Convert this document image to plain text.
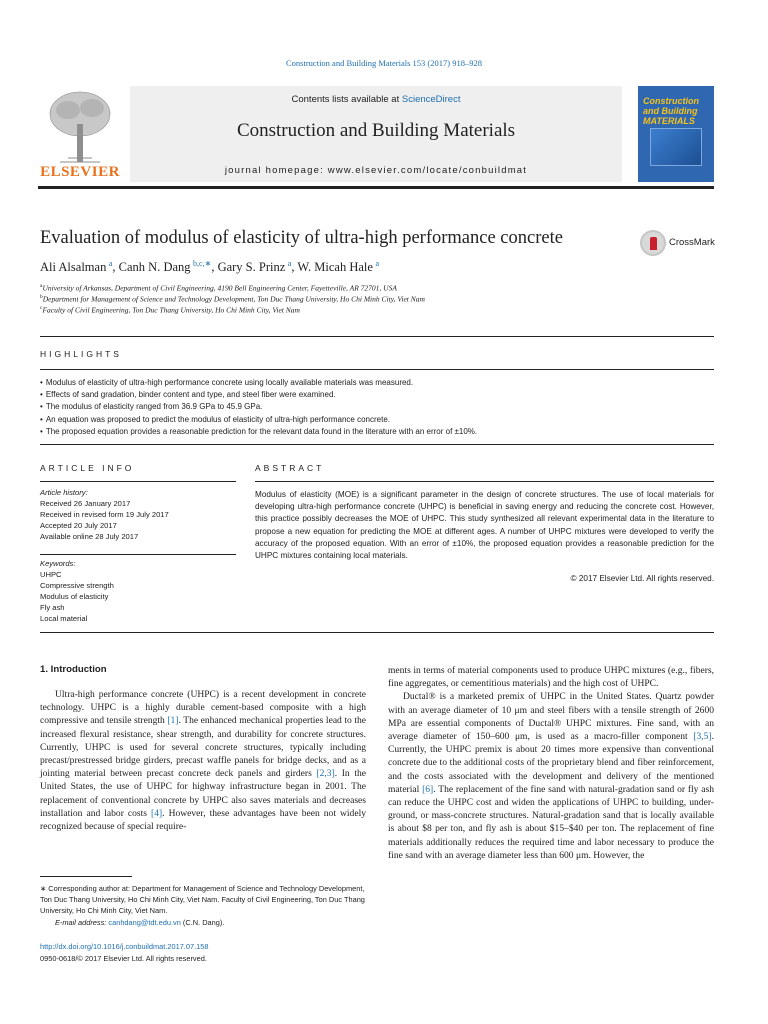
Construction and Building Materials 153 (2017) 918–928
Contents lists available at ScienceDirect
Construction and Building Materials
journal homepage: www.elsevier.com/locate/conbuildmat
ELSEVIER
Construction
and Building
MATERIALS
Evaluation of modulus of elasticity of ultra-high performance concrete	CrossMark
Ali Alsalman  $^a$, Canh N. Dang  $^{b,c,∗}$, Gary S. Prinz  $^a$, W. Micah Hale  $^a$
$^a$University of Arkansas, Department of Civil Engineering, 4190 Bell Engineering Center, Fayetteville, AR 72701, USA
$^b$Department for Management of Science and Technology Development, Ton Duc Thang University, Ho Chi Minh City, Viet Nam
$^c$Faculty of Civil Engineering, Ton Duc Thang University, Ho Chi Minh City, Viet Nam
HIGHLIGHTS
• Modulus of elasticity of ultra-high performance concrete using locally available materials was measured.
• Effects of sand gradation, binder content and type, and steel fiber were examined.
• The modulus of elasticity ranged from 36.9 GPa to 45.9 GPa.
• An equation was proposed to predict the modulus of elasticity of ultra-high performance concrete.
• The proposed equation provides a reasonable prediction for the relevant data found in the literature with an error of ±10%.
ARTICLE INFO
Article history:
Received 26 January 2017
Received in revised form 19 July 2017
Accepted 20 July 2017
Available online 28 July 2017
Keywords:
UHPC
Compressive strength
Modulus of elasticity
Fly ash
Local material
ABSTRACT
Modulus of elasticity (MOE) is a significant parameter in the design of concrete structures. The use of local materials for developing ultra-high performance concrete (UHPC) is beneficial in saving energy and reducing the concrete cost. However, this practice possibly decreases the MOE of UHPC. This study synthesized all relevant experimental data in the literature to propose a new equation for predicting the MOE at different ages. A number of UHPC mixtures were developed to verify the accuracy of the proposed equation. With an error of ±10%, the proposed equation provides a reasonable prediction for the UHPC mixtures containing local materials.
© 2017 Elsevier Ltd. All rights reserved.
1. Introduction

Ultra-high performance concrete (UHPC) is a recent development in concrete technology. UHPC is a highly durable cement-based composite with a high compressive and tensile strength [1]. The enhanced mechanical properties lead to the increased flexural resistance, shear strength, and durability for concrete structures. Currently, UHPC is used for several concrete structures, typically including precast/prestressed bridge girders, precast waffle panels for bridge decks, and as a jointing material between precast concrete deck panels and girders [2,3]. In the United States, the use of UHPC for highway infrastructure began in 2001. The replacement of conventional concrete by UHPC also saves materials and decreases installation and labor costs [4]. However, these advantages have been not widely recognized because of special require-

ments in terms of material components used to produce UHPC mixtures (e.g., fibers, fine aggregates, or cementitious materials) and the high cost of UHPC.

Ductal® is a marketed premix of UHPC in the United States. Quartz powder with an average diameter of 10 μm and steel fibers with a tensile strength of 2600 MPa are essential components of Ductal® UHPC mixtures. Fine sand, with an average diameter of 150–600 μm, is used as a macro-filler component [3,5]. Currently, the UHPC premix is about 20 times more expensive than conventional concrete due to the additional costs of the proprietary blend and fiber reinforcement, and the costs associated with the development and delivery of the mentioned material [6]. The replacement of the fine sand with natural-gradation sand or fly ash can reduce the UHPC cost and widen the applications of UHPC to building, under-ground, or mass-concrete structures. Natural-gradation sand that is locally available is about $8 per ton, and fly ash is about $15–$40 per ton. The replacement of fine materials additionally reduces the required time and labor necessary to produce the fine sand with an average diameter less than 600 μm. However, the

∗ Corresponding author at: Department for Management of Science and Technology Development, Ton Duc Thang University, Ho Chi Minh City, Viet Nam. Faculty of Civil Engineering, Ton Duc Thang University, Ho Chi Minh City, Viet Nam.
E-mail address: canhdang@tdt.edu.vn (C.N. Dang).
http://dx.doi.org/10.1016/j.conbuildmat.2017.07.158
0950-0618/© 2017 Elsevier Ltd. All rights reserved.
